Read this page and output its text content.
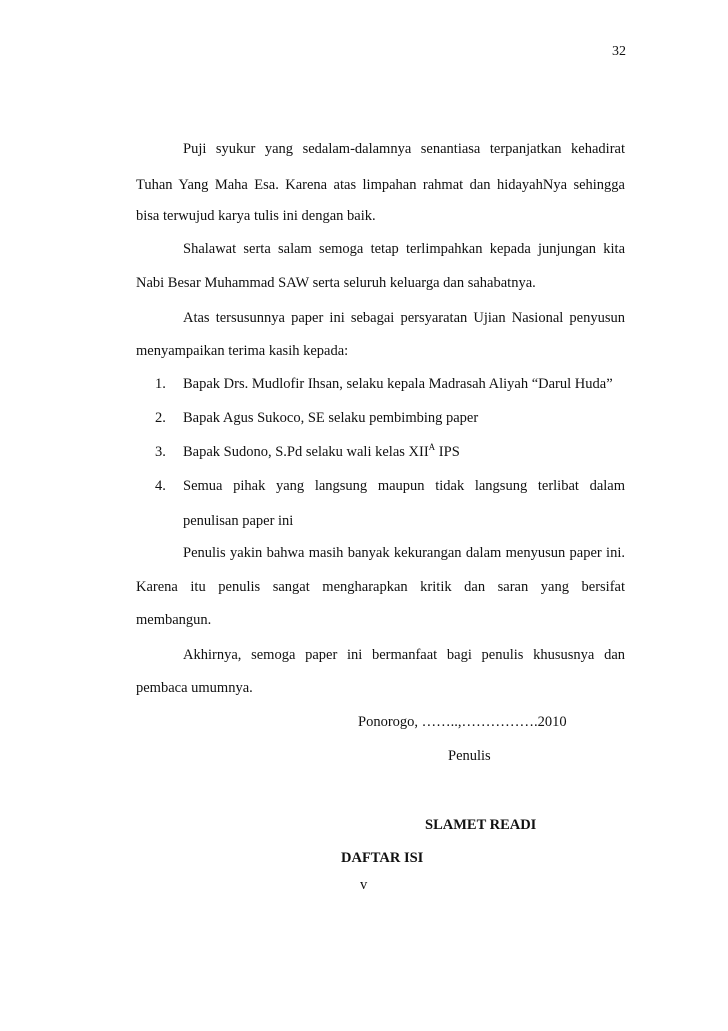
32
Puji syukur yang sedalam-dalamnya senantiasa terpanjatkan kehadirat
Tuhan Yang Maha Esa. Karena atas limpahan rahmat dan hidayahNya sehingga
bisa terwujud karya tulis ini dengan baik.
Shalawat serta salam semoga tetap terlimpahkan kepada junjungan kita
Nabi Besar Muhammad SAW serta seluruh keluarga dan sahabatnya.
Atas tersusunnya paper ini sebagai persyaratan Ujian Nasional penyusun
menyampaikan terima kasih kepada:
1. Bapak Drs. Mudlofir Ihsan, selaku kepala Madrasah Aliyah “Darul Huda”
2. Bapak Agus Sukoco, SE selaku pembimbing paper
3. Bapak Sudono, S.Pd selaku wali kelas $XII^A$ IPS
4. Semua pihak yang langsung maupun tidak langsung terlibat dalam
penulisan paper ini
Penulis yakin bahwa masih banyak kekurangan dalam menyusun paper ini.
Karena itu penulis sangat mengharapkan kritik dan saran yang bersifat
membangun.
Akhirnya, semoga paper ini bermanfaat bagi penulis khususnya dan
pembaca umumnya.
Ponorogo, ……..,…………….2010
Penulis
SLAMET READI
DAFTAR ISI
v
